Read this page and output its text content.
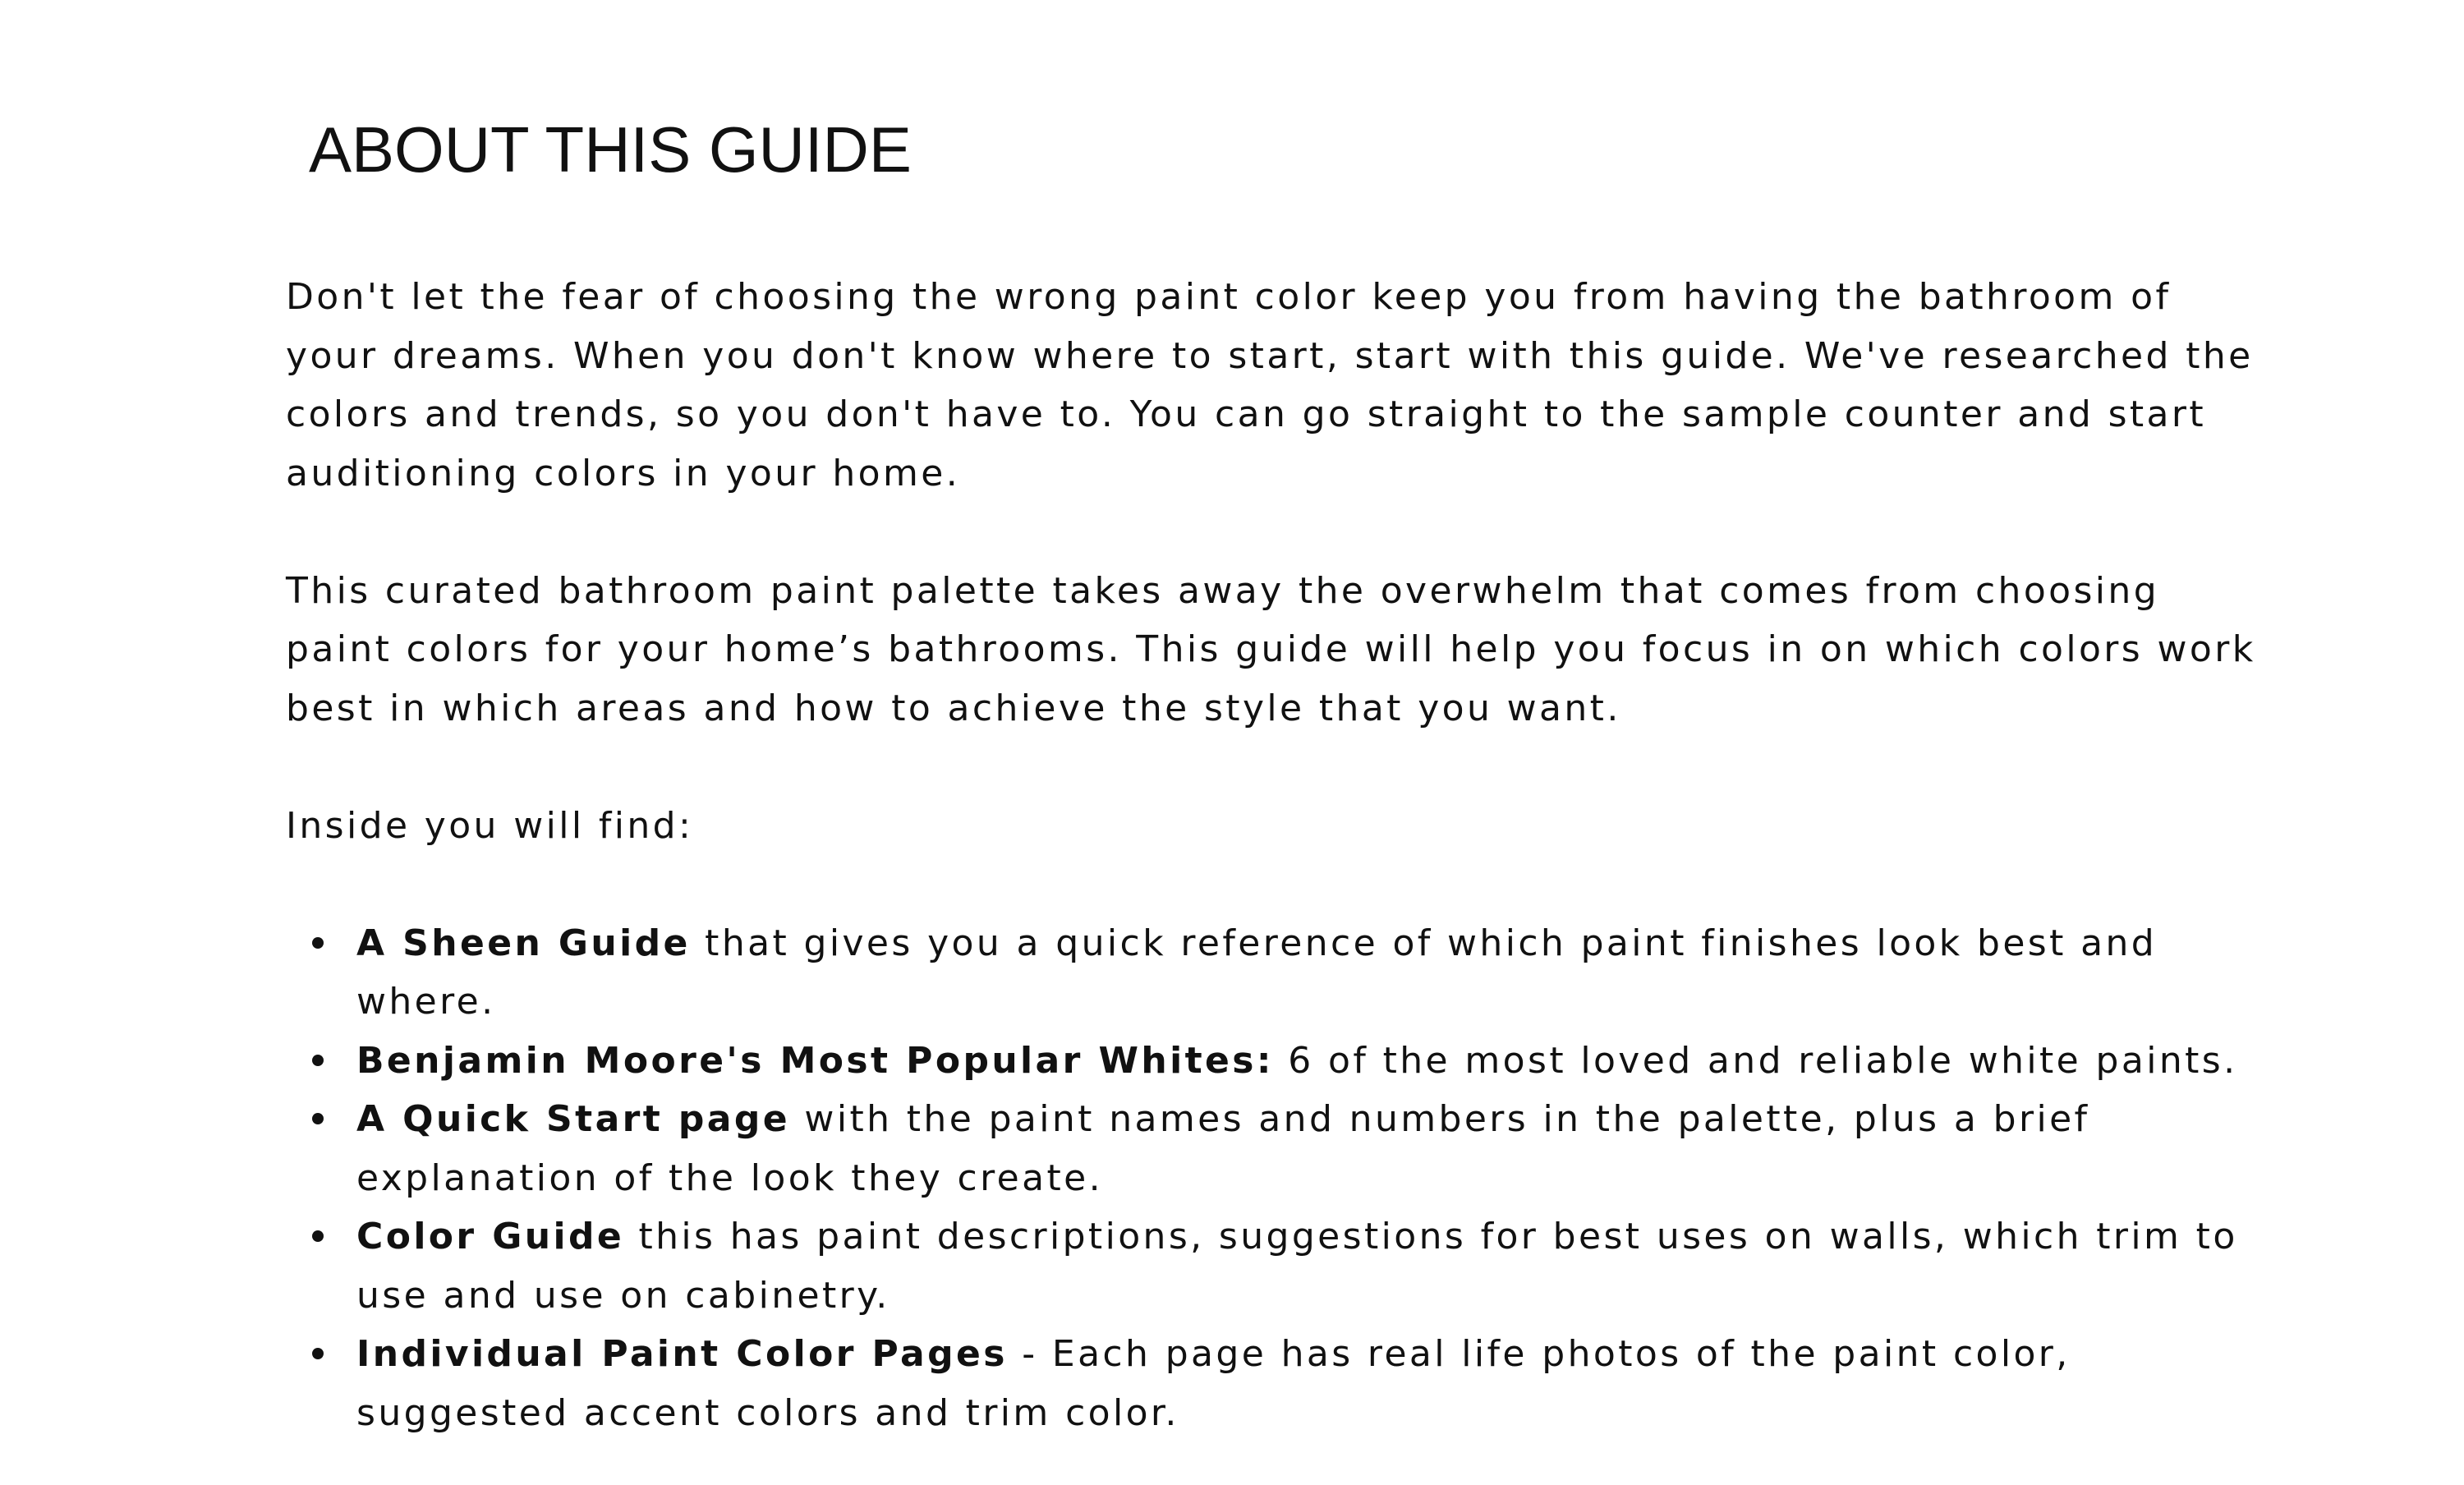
ABOUT THIS GUIDE

Don't let the fear of choosing the wrong paint color keep you from having the bathroom of your dreams. When you don't know where to start, start with this guide. We've researched the colors and trends, so you don't have to. You can go straight to the sample counter and start auditioning colors in your home.

This curated bathroom paint palette takes away the overwhelm that comes from choosing paint colors for your home’s bathrooms. This guide will help you focus in on which colors work best in which areas and how to achieve the style that you want.

Inside you will find:

A Sheen Guide that gives you a quick reference of which paint finishes look best and where.
Benjamin Moore's Most Popular Whites: 6 of the most loved and reliable white paints.
A Quick Start page with the paint names and numbers in the palette, plus a brief explanation of the look they create.
Color Guide this has paint descriptions, suggestions for best uses on walls, which trim to use and use on cabinetry.
Individual Paint Color Pages - Each page has real life photos of the paint color, suggested accent colors and trim color.
